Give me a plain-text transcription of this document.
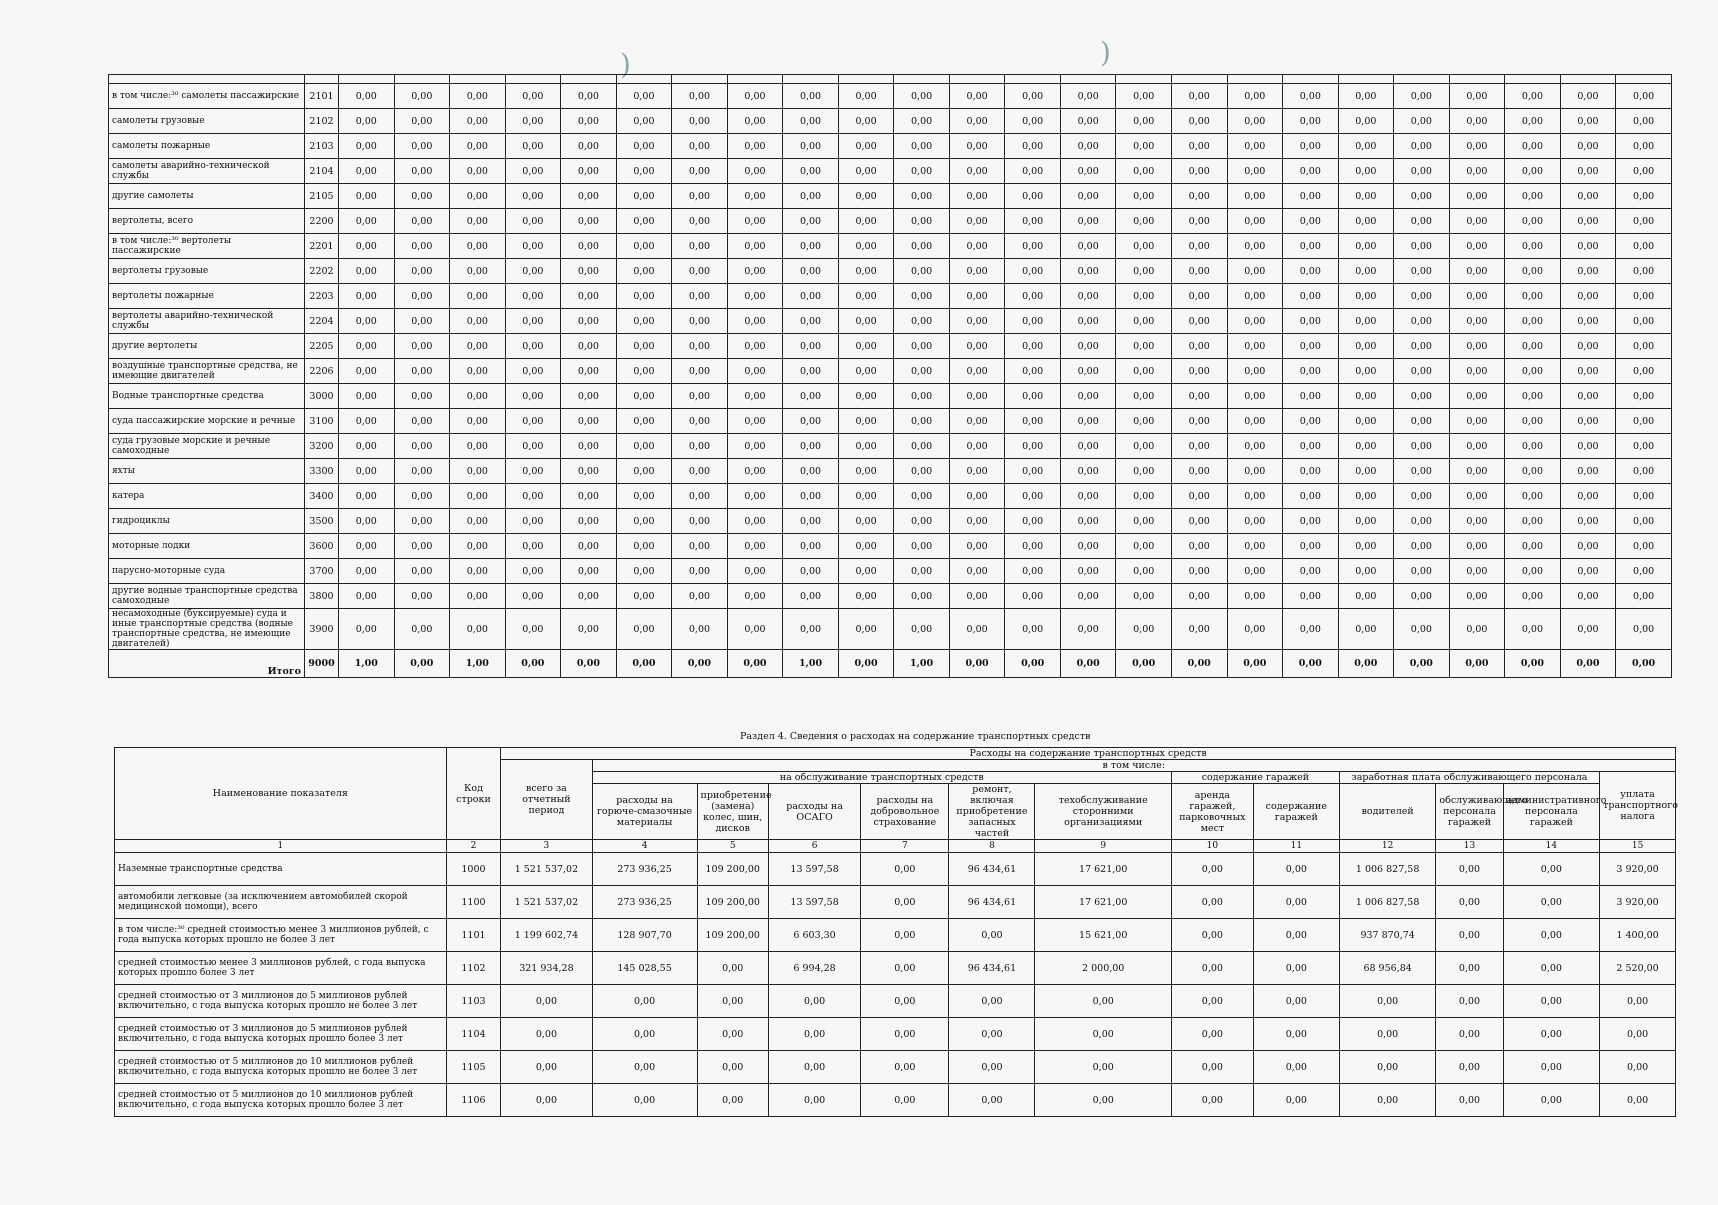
)	)

в том числе:³⁰ самолеты пассажирские	2101	0,00	0,00	0,00	0,00	0,00	0,00	0,00	0,00	0,00	0,00	0,00	0,00	0,00	0,00	0,00	0,00	0,00	0,00	0,00	0,00	0,00	0,00	0,00	0,00
самолеты грузовые	2102	0,00	0,00	0,00	0,00	0,00	0,00	0,00	0,00	0,00	0,00	0,00	0,00	0,00	0,00	0,00	0,00	0,00	0,00	0,00	0,00	0,00	0,00	0,00	0,00
самолеты пожарные	2103	0,00	0,00	0,00	0,00	0,00	0,00	0,00	0,00	0,00	0,00	0,00	0,00	0,00	0,00	0,00	0,00	0,00	0,00	0,00	0,00	0,00	0,00	0,00	0,00
самолеты аварийно-технической службы	2104	0,00	0,00	0,00	0,00	0,00	0,00	0,00	0,00	0,00	0,00	0,00	0,00	0,00	0,00	0,00	0,00	0,00	0,00	0,00	0,00	0,00	0,00	0,00	0,00
другие самолеты	2105	0,00	0,00	0,00	0,00	0,00	0,00	0,00	0,00	0,00	0,00	0,00	0,00	0,00	0,00	0,00	0,00	0,00	0,00	0,00	0,00	0,00	0,00	0,00	0,00
вертолеты, всего	2200	0,00	0,00	0,00	0,00	0,00	0,00	0,00	0,00	0,00	0,00	0,00	0,00	0,00	0,00	0,00	0,00	0,00	0,00	0,00	0,00	0,00	0,00	0,00	0,00
в том числе:³⁰ вертолеты пассажирские	2201	0,00	0,00	0,00	0,00	0,00	0,00	0,00	0,00	0,00	0,00	0,00	0,00	0,00	0,00	0,00	0,00	0,00	0,00	0,00	0,00	0,00	0,00	0,00	0,00
вертолеты грузовые	2202	0,00	0,00	0,00	0,00	0,00	0,00	0,00	0,00	0,00	0,00	0,00	0,00	0,00	0,00	0,00	0,00	0,00	0,00	0,00	0,00	0,00	0,00	0,00	0,00
вертолеты пожарные	2203	0,00	0,00	0,00	0,00	0,00	0,00	0,00	0,00	0,00	0,00	0,00	0,00	0,00	0,00	0,00	0,00	0,00	0,00	0,00	0,00	0,00	0,00	0,00	0,00
вертолеты аварийно-технической службы	2204	0,00	0,00	0,00	0,00	0,00	0,00	0,00	0,00	0,00	0,00	0,00	0,00	0,00	0,00	0,00	0,00	0,00	0,00	0,00	0,00	0,00	0,00	0,00	0,00
другие вертолеты	2205	0,00	0,00	0,00	0,00	0,00	0,00	0,00	0,00	0,00	0,00	0,00	0,00	0,00	0,00	0,00	0,00	0,00	0,00	0,00	0,00	0,00	0,00	0,00	0,00
воздушные транспортные средства, не имеющие двигателей	2206	0,00	0,00	0,00	0,00	0,00	0,00	0,00	0,00	0,00	0,00	0,00	0,00	0,00	0,00	0,00	0,00	0,00	0,00	0,00	0,00	0,00	0,00	0,00	0,00
Водные транспортные средства	3000	0,00	0,00	0,00	0,00	0,00	0,00	0,00	0,00	0,00	0,00	0,00	0,00	0,00	0,00	0,00	0,00	0,00	0,00	0,00	0,00	0,00	0,00	0,00	0,00
суда пассажирские морские и речные	3100	0,00	0,00	0,00	0,00	0,00	0,00	0,00	0,00	0,00	0,00	0,00	0,00	0,00	0,00	0,00	0,00	0,00	0,00	0,00	0,00	0,00	0,00	0,00	0,00
суда грузовые морские и речные самоходные	3200	0,00	0,00	0,00	0,00	0,00	0,00	0,00	0,00	0,00	0,00	0,00	0,00	0,00	0,00	0,00	0,00	0,00	0,00	0,00	0,00	0,00	0,00	0,00	0,00
яхты	3300	0,00	0,00	0,00	0,00	0,00	0,00	0,00	0,00	0,00	0,00	0,00	0,00	0,00	0,00	0,00	0,00	0,00	0,00	0,00	0,00	0,00	0,00	0,00	0,00
катера	3400	0,00	0,00	0,00	0,00	0,00	0,00	0,00	0,00	0,00	0,00	0,00	0,00	0,00	0,00	0,00	0,00	0,00	0,00	0,00	0,00	0,00	0,00	0,00	0,00
гидроциклы	3500	0,00	0,00	0,00	0,00	0,00	0,00	0,00	0,00	0,00	0,00	0,00	0,00	0,00	0,00	0,00	0,00	0,00	0,00	0,00	0,00	0,00	0,00	0,00	0,00
моторные лодки	3600	0,00	0,00	0,00	0,00	0,00	0,00	0,00	0,00	0,00	0,00	0,00	0,00	0,00	0,00	0,00	0,00	0,00	0,00	0,00	0,00	0,00	0,00	0,00	0,00
парусно-моторные суда	3700	0,00	0,00	0,00	0,00	0,00	0,00	0,00	0,00	0,00	0,00	0,00	0,00	0,00	0,00	0,00	0,00	0,00	0,00	0,00	0,00	0,00	0,00	0,00	0,00
другие водные транспортные средства самоходные	3800	0,00	0,00	0,00	0,00	0,00	0,00	0,00	0,00	0,00	0,00	0,00	0,00	0,00	0,00	0,00	0,00	0,00	0,00	0,00	0,00	0,00	0,00	0,00	0,00
несамоходные (буксируемые) суда и иные транспортные средства (водные транспортные средства, не имеющие двигателей)	3900	0,00	0,00	0,00	0,00	0,00	0,00	0,00	0,00	0,00	0,00	0,00	0,00	0,00	0,00	0,00	0,00	0,00	0,00	0,00	0,00	0,00	0,00	0,00	0,00
Итого	9000	1,00	0,00	1,00	0,00	0,00	0,00	0,00	0,00	1,00	0,00	1,00	0,00	0,00	0,00	0,00	0,00	0,00	0,00	0,00	0,00	0,00	0,00	0,00	0,00
Раздел 4. Сведения о расходах на содержание транспортных средств
Наименование показателя	Код строки	Расходы на содержание транспортных средств												
		всего за отчетный период	в том числе:											
			на обслуживание транспортных средств						содержание гаражей		заработная плата обслуживающего персонала			уплата транспортного налога
			расходы на горюче-смазочные материалы	приобретение (замена) колес, шин, дисков	расходы на ОСАГО	расходы на добровольное страхование	ремонт, включая приобретение запасных частей	техобслуживание сторонними организациями	аренда гаражей, парковочных мест	содержание гаражей	водителей	обслуживающего персонала гаражей	административного персонала гаражей	
1	2	3	4	5	6	7	8	9	10	11	12	13	14	15
Наземные транспортные средства	1000	1 521 537,02	273 936,25	109 200,00	13 597,58	0,00	96 434,61	17 621,00	0,00	0,00	1 006 827,58	0,00	0,00	3 920,00
автомобили легковые (за исключением автомобилей скорой медицинской помощи), всего	1100	1 521 537,02	273 936,25	109 200,00	13 597,58	0,00	96 434,61	17 621,00	0,00	0,00	1 006 827,58	0,00	0,00	3 920,00
в том числе:³⁰ средней стоимостью менее 3 миллионов рублей, с года выпуска которых прошло не более 3 лет	1101	1 199 602,74	128 907,70	109 200,00	6 603,30	0,00	0,00	15 621,00	0,00	0,00	937 870,74	0,00	0,00	1 400,00
средней стоимостью менее 3 миллионов рублей, с года выпуска которых прошло более 3 лет	1102	321 934,28	145 028,55	0,00	6 994,28	0,00	96 434,61	2 000,00	0,00	0,00	68 956,84	0,00	0,00	2 520,00
средней стоимостью от 3 миллионов до 5 миллионов рублей включительно, с года выпуска которых прошло не более 3 лет	1103	0,00	0,00	0,00	0,00	0,00	0,00	0,00	0,00	0,00	0,00	0,00	0,00	0,00
средней стоимостью от 3 миллионов до 5 миллионов рублей включительно, с года выпуска которых прошло более 3 лет	1104	0,00	0,00	0,00	0,00	0,00	0,00	0,00	0,00	0,00	0,00	0,00	0,00	0,00
средней стоимостью от 5 миллионов до 10 миллионов рублей включительно, с года выпуска которых прошло не более 3 лет	1105	0,00	0,00	0,00	0,00	0,00	0,00	0,00	0,00	0,00	0,00	0,00	0,00	0,00
средней стоимостью от 5 миллионов до 10 миллионов рублей включительно, с года выпуска которых прошло более 3 лет	1106	0,00	0,00	0,00	0,00	0,00	0,00	0,00	0,00	0,00	0,00	0,00	0,00	0,00
